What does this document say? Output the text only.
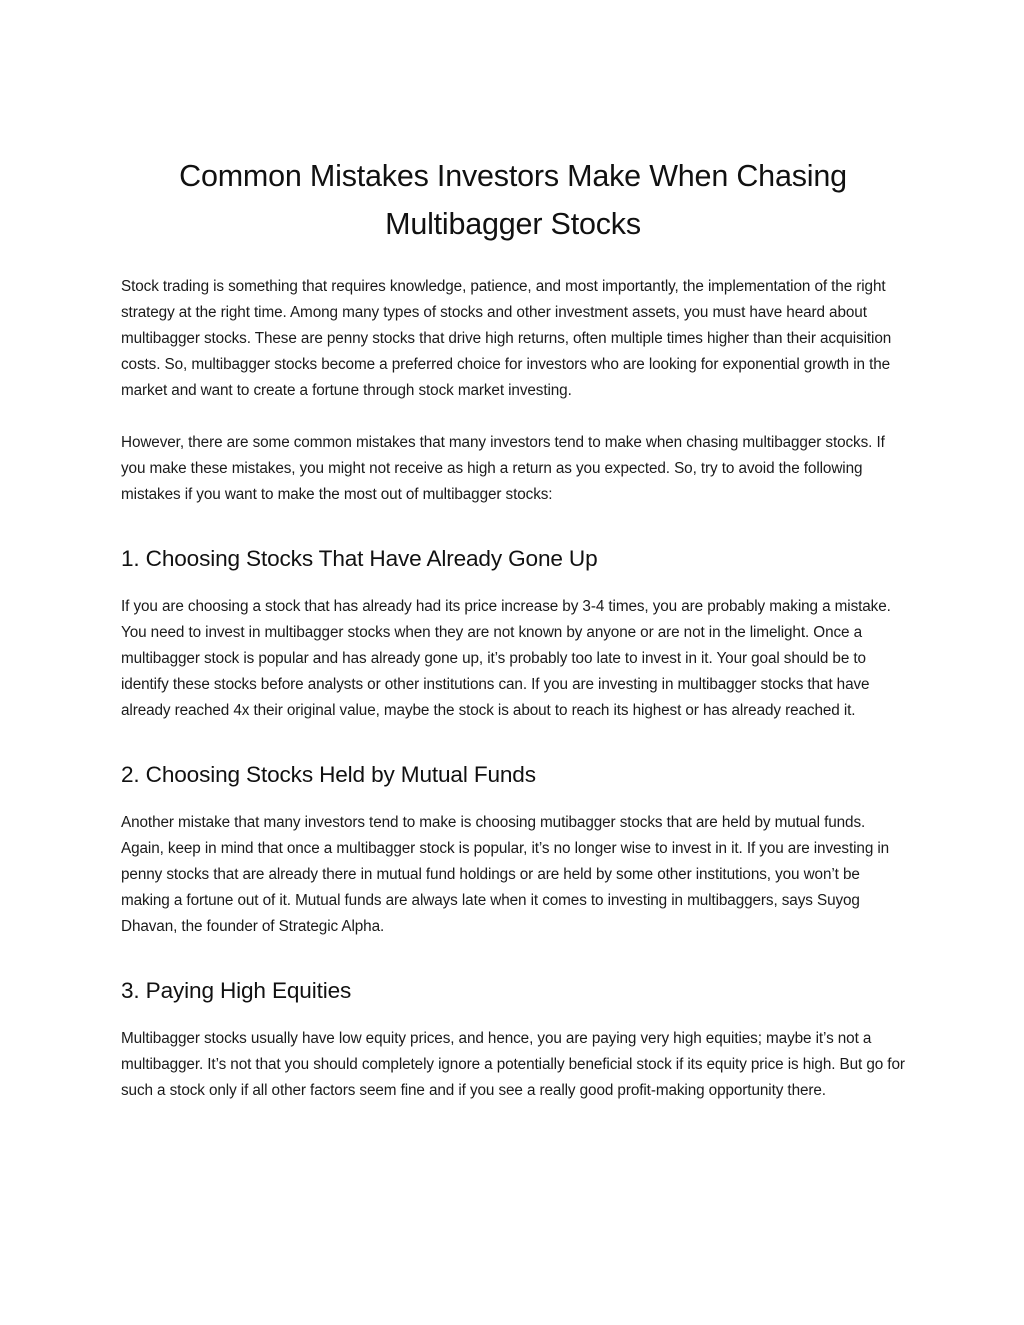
Common Mistakes Investors Make When Chasing Multibagger Stocks

Stock trading is something that requires knowledge, patience, and most importantly, the implementation of the right strategy at the right time. Among many types of stocks and other investment assets, you must have heard about multibagger stocks. These are penny stocks that drive high returns, often multiple times higher than their acquisition costs. So, multibagger stocks become a preferred choice for investors who are looking for exponential growth in the market and want to create a fortune through stock market investing.

However, there are some common mistakes that many investors tend to make when chasing multibagger stocks. If you make these mistakes, you might not receive as high a return as you expected. So, try to avoid the following mistakes if you want to make the most out of multibagger stocks:

1. Choosing Stocks That Have Already Gone Up

If you are choosing a stock that has already had its price increase by 3-4 times, you are probably making a mistake. You need to invest in multibagger stocks when they are not known by anyone or are not in the limelight. Once a multibagger stock is popular and has already gone up, it’s probably too late to invest in it. Your goal should be to identify these stocks before analysts or other institutions can. If you are investing in multibagger stocks that have already reached 4x their original value, maybe the stock is about to reach its highest or has already reached it.

2. Choosing Stocks Held by Mutual Funds

Another mistake that many investors tend to make is choosing mutibagger stocks that are held by mutual funds. Again, keep in mind that once a multibagger stock is popular, it’s no longer wise to invest in it. If you are investing in penny stocks that are already there in mutual fund holdings or are held by some other institutions, you won’t be making a fortune out of it. Mutual funds are always late when it comes to investing in multibaggers, says Suyog Dhavan, the founder of Strategic Alpha.

3. Paying High Equities

Multibagger stocks usually have low equity prices, and hence, you are paying very high equities; maybe it’s not a multibagger. It’s not that you should completely ignore a potentially beneficial stock if its equity price is high. But go for such a stock only if all other factors seem fine and if you see a really good profit-making opportunity there.
